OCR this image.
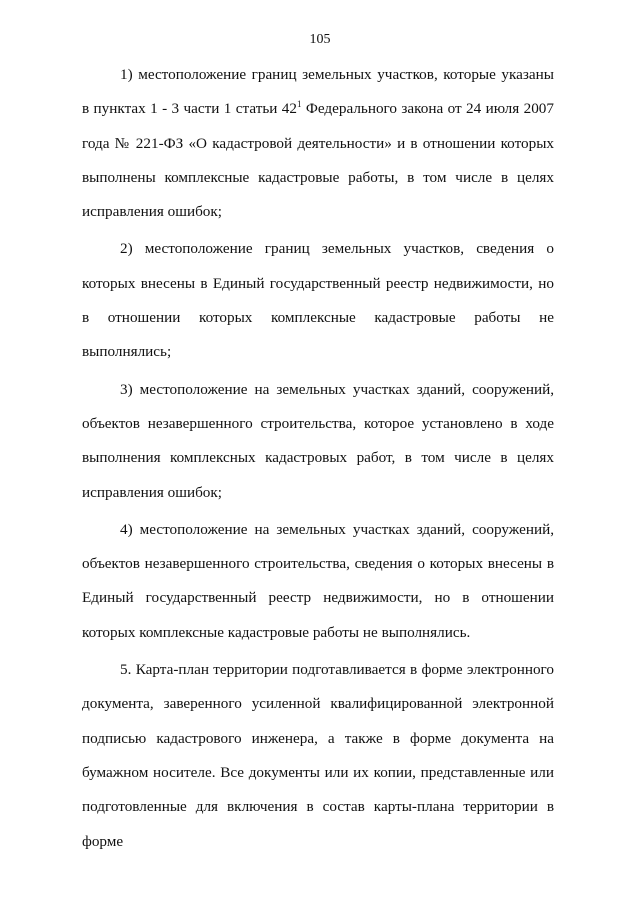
105

1) местоположение границ земельных участков, которые указаны в пунктах 1 - 3 части 1 статьи $42^1$ Федерального закона от 24 июля 2007 года № 221-ФЗ «О кадастровой деятельности» и в отношении которых выполнены комплексные кадастровые работы, в том числе в целях исправления ошибок;

2) местоположение границ земельных участков, сведения о которых внесены в Единый государственный реестр недвижимости, но в отношении которых комплексные кадастровые работы не выполнялись;

3) местоположение на земельных участках зданий, сооружений, объектов незавершенного строительства, которое установлено в ходе выполнения комплексных кадастровых работ, в том числе в целях исправления ошибок;

4) местоположение на земельных участках зданий, сооружений, объектов незавершенного строительства, сведения о которых внесены в Единый государственный реестр недвижимости, но в отношении которых комплексные кадастровые работы не выполнялись.

5. Карта-план территории подготавливается в форме электронного документа, заверенного усиленной квалифицированной электронной подписью кадастрового инженера, а также в форме документа на бумажном носителе. Все документы или их копии, представленные или подготовленные для включения в состав карты-плана территории в форме
